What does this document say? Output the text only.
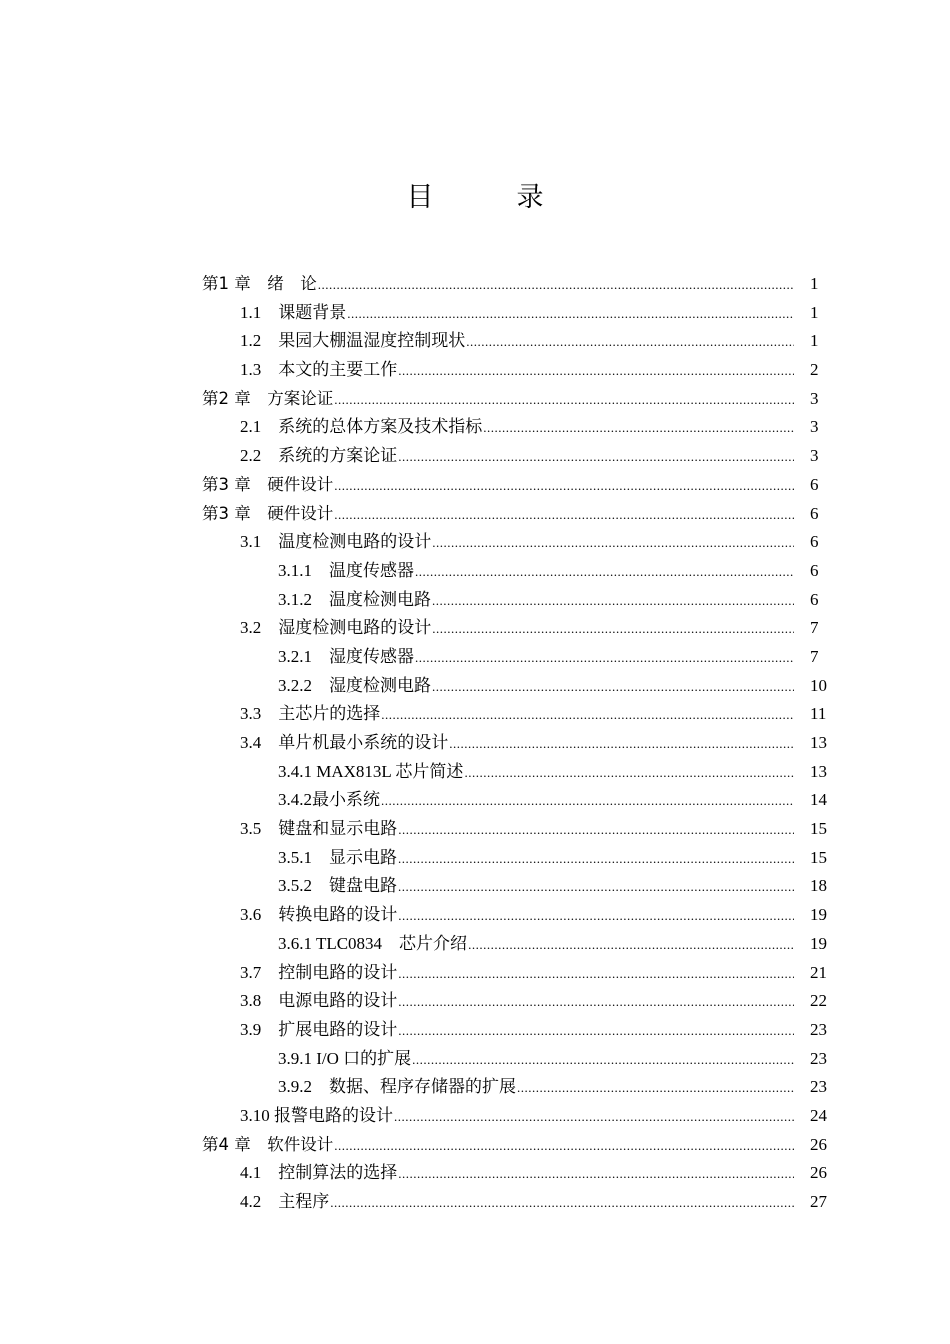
目　录
第1 章　绪　论 .....	1
1.1　课题背景 .....	1
1.2　果园大棚温湿度控制现状 .....	1
1.3　本文的主要工作 .....	2
第2 章　方案论证 .....	3
2.1　系统的总体方案及技术指标 .....	3
2.2　系统的方案论证 .....	3
第3 章　硬件设计 .....	6
第3 章　硬件设计 .....	6
3.1　温度检测电路的设计 .....	6
3.1.1　温度传感器 .....	6
3.1.2　温度检测电路 .....	6
3.2　湿度检测电路的设计 .....	7
3.2.1　湿度传感器 .....	7
3.2.2　湿度检测电路 .....	10
3.3　主芯片的选择 .....	11
3.4　单片机最小系统的设计 .....	13
3.4.1 MAX813L 芯片简述 .....	13
3.4.2最小系统 .....	14
3.5　键盘和显示电路 .....	15
3.5.1　显示电路 .....	15
3.5.2　键盘电路 .....	18
3.6　转换电路的设计 .....	19
3.6.1 TLC0834　芯片介绍 .....	19
3.7　控制电路的设计 .....	21
3.8　电源电路的设计 .....	22
3.9　扩展电路的设计 .....	23
3.9.1 I/O 口的扩展 .....	23
3.9.2　数据、程序存储器的扩展 .....	23
3.10 报警电路的设计 .....	24
第4 章　软件设计 .....	26
4.1　控制算法的选择 .....	26
4.2　主程序 .....	27
